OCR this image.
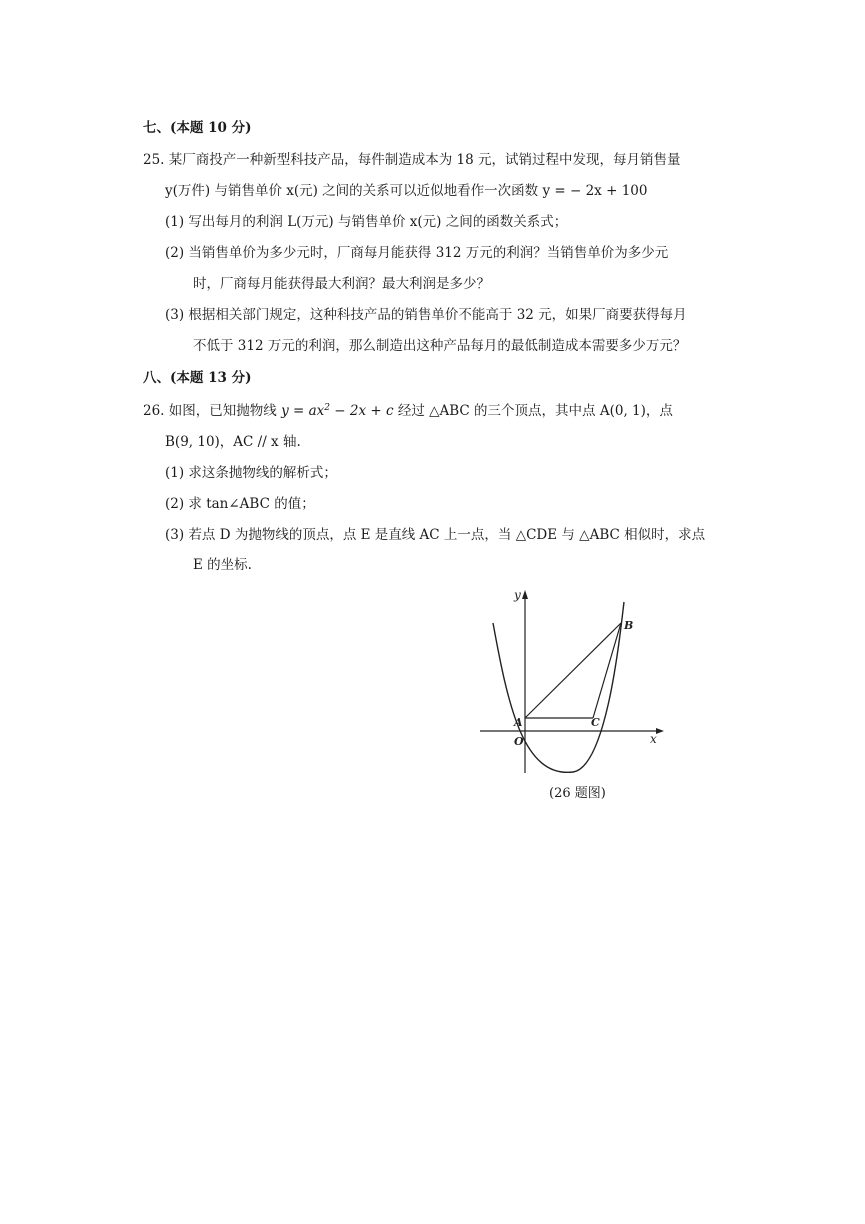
七、(本题 10 分)
25. 某厂商投产一种新型科技产品，每件制造成本为 18 元，试销过程中发现，每月销售量
y(万件) 与销售单价 x(元) 之间的关系可以近似地看作一次函数 y = − 2x + 100
(1) 写出每月的利润 L(万元) 与销售单价 x(元) 之间的函数关系式；
(2) 当销售单价为多少元时，厂商每月能获得 312 万元的利润？当销售单价为多少元
时，厂商每月能获得最大利润？最大利润是多少？
(3) 根据相关部门规定，这种科技产品的销售单价不能高于 32 元，如果厂商要获得每月
不低于 312 万元的利润，那么制造出这种产品每月的最低制造成本需要多少万元？
八、(本题 13 分)
26. 如图，已知抛物线 $y = ax^2 - 2x + c$ 经过 △ABC 的三个顶点，其中点 A(0, 1)，点
B(9, 10)，AC // x 轴.
(1) 求这条抛物线的解析式；
(2) 求 tan∠ABC 的值；
(3) 若点 D 为抛物线的顶点，点 E 是直线 AC 上一点，当 △CDE 与 △ABC 相似时，求点
E 的坐标.
y
x
O
A
B
C
(26 题图)
